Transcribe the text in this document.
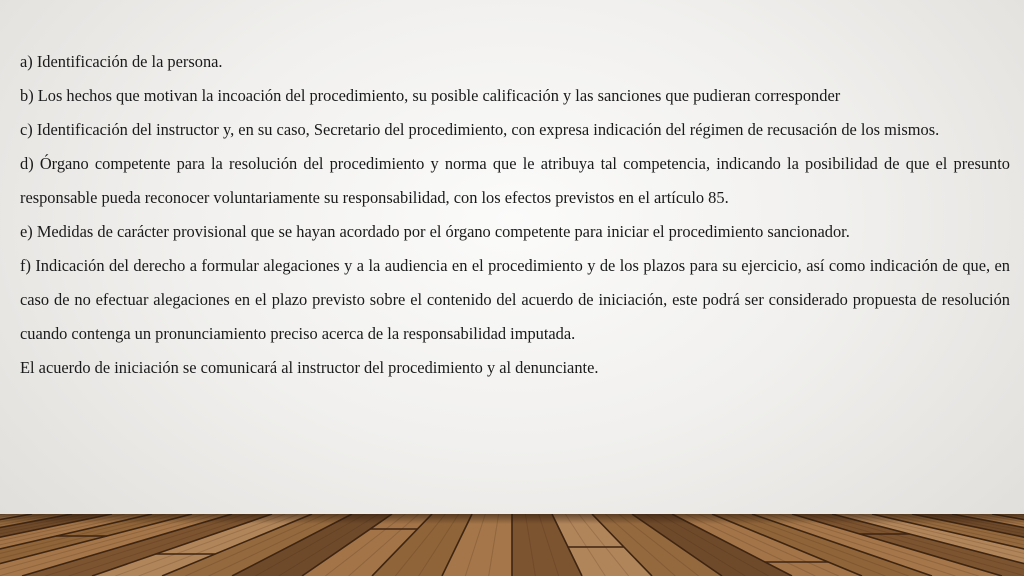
a) Identificación de la persona.

b) Los hechos que motivan la incoación del procedimiento, su posible calificación y las sanciones que pudieran corresponder

c) Identificación del instructor y, en su caso, Secretario del procedimiento, con expresa indicación del régimen de recusación de los mismos.

d) Órgano competente para la resolución del procedimiento y norma que le atribuya tal competencia, indicando la posibilidad de que el presunto responsable pueda reconocer voluntariamente su responsabilidad, con los efectos previstos en el artículo 85.

e) Medidas de carácter provisional que se hayan acordado por el órgano competente para iniciar el procedimiento sancionador.

f) Indicación del derecho a formular alegaciones y a la audiencia en el procedimiento y de los plazos para su ejercicio, así como indicación de que, en caso de no efectuar alegaciones en el plazo previsto sobre el contenido del acuerdo de iniciación, este podrá ser considerado propuesta de resolución cuando contenga un pronunciamiento preciso acerca de la responsabilidad imputada.

El acuerdo de iniciación se comunicará al instructor del procedimiento y al denunciante.
